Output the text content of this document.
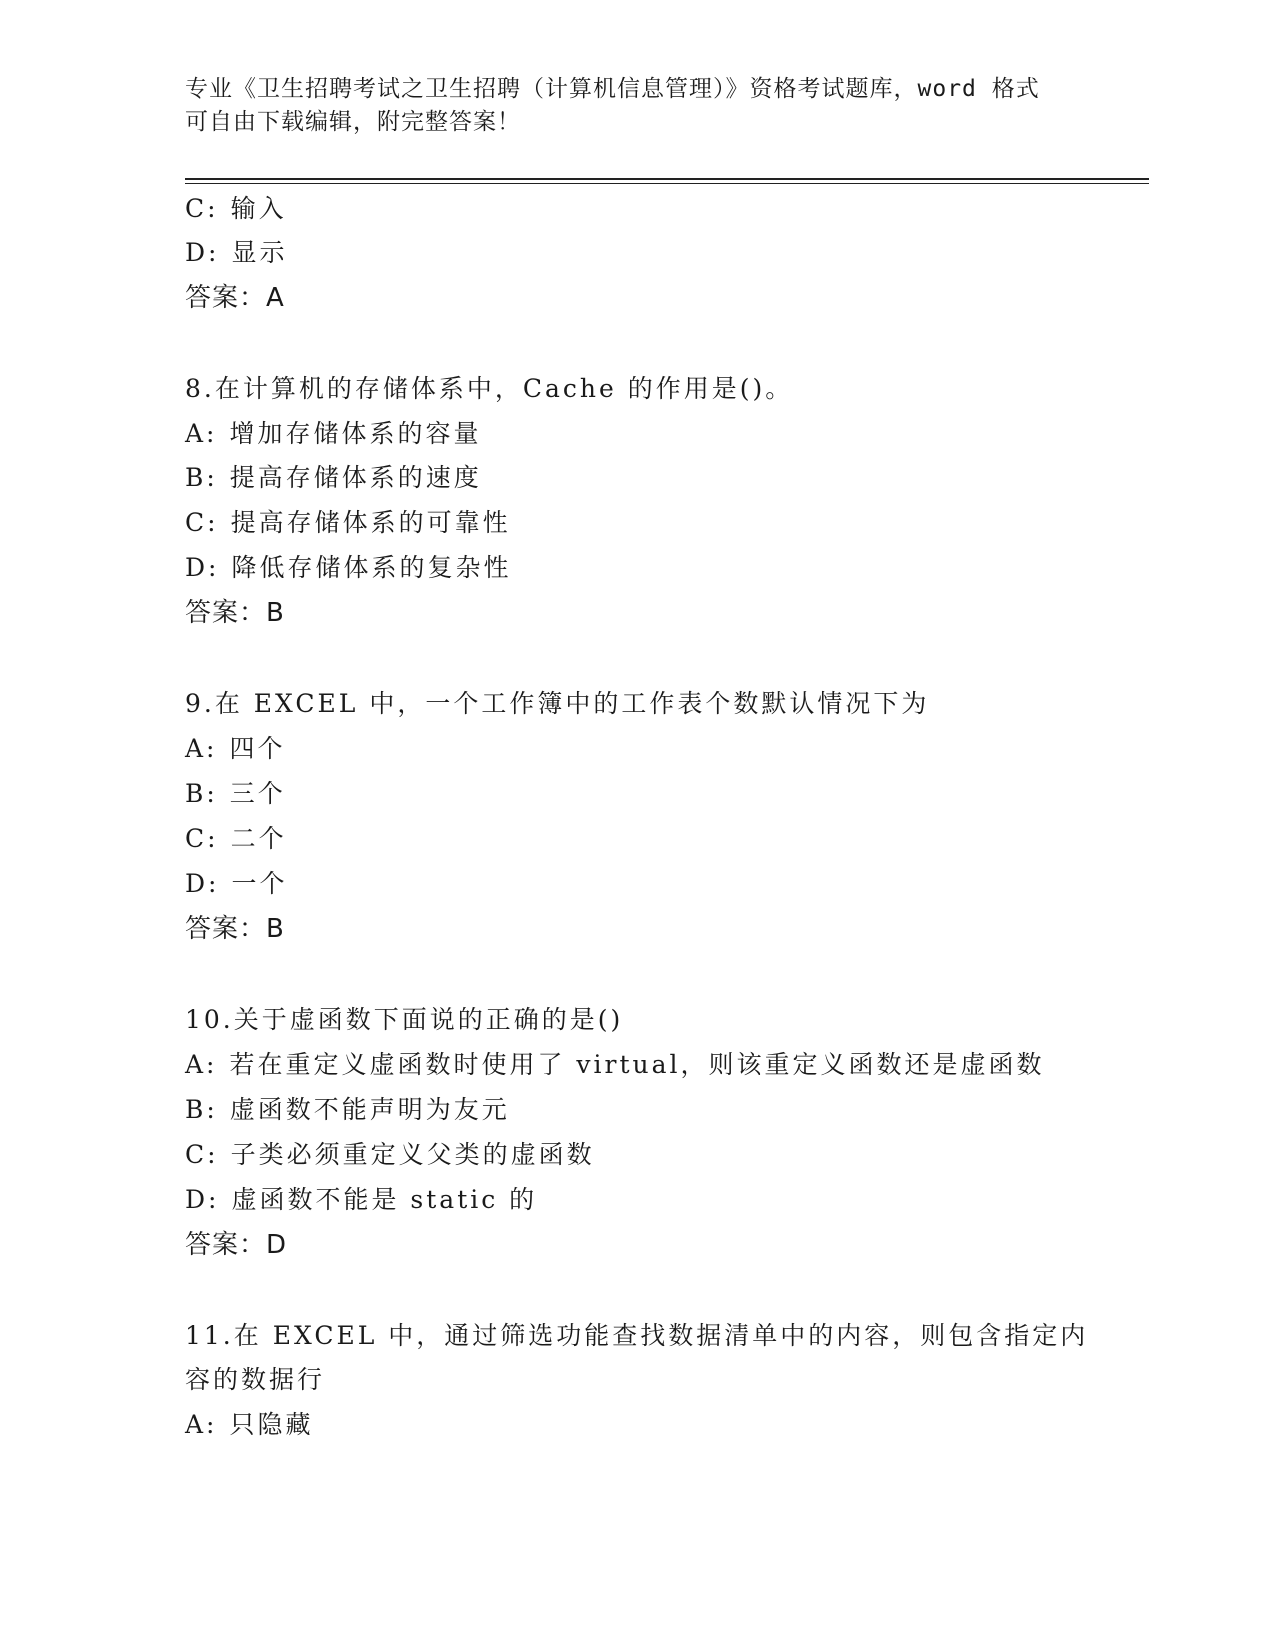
专业《卫生招聘考试之卫生招聘（计算机信息管理）》资格考试题库，word 格式
可自由下载编辑，附完整答案！
C: 输入
D: 显示
答案：A
8.在计算机的存储体系中，Cache 的作用是()。
A: 增加存储体系的容量
B: 提高存储体系的速度
C: 提高存储体系的可靠性
D: 降低存储体系的复杂性
答案：B
9.在 EXCEL 中，一个工作簿中的工作表个数默认情况下为
A: 四个
B: 三个
C: 二个
D: 一个
答案：B
10.关于虚函数下面说的正确的是()
A: 若在重定义虚函数时使用了 virtual，则该重定义函数还是虚函数
B: 虚函数不能声明为友元
C: 子类必须重定义父类的虚函数
D: 虚函数不能是 static 的
答案：D
11.在 EXCEL 中，通过筛选功能查找数据清单中的内容，则包含指定内
容的数据行
A: 只隐藏
